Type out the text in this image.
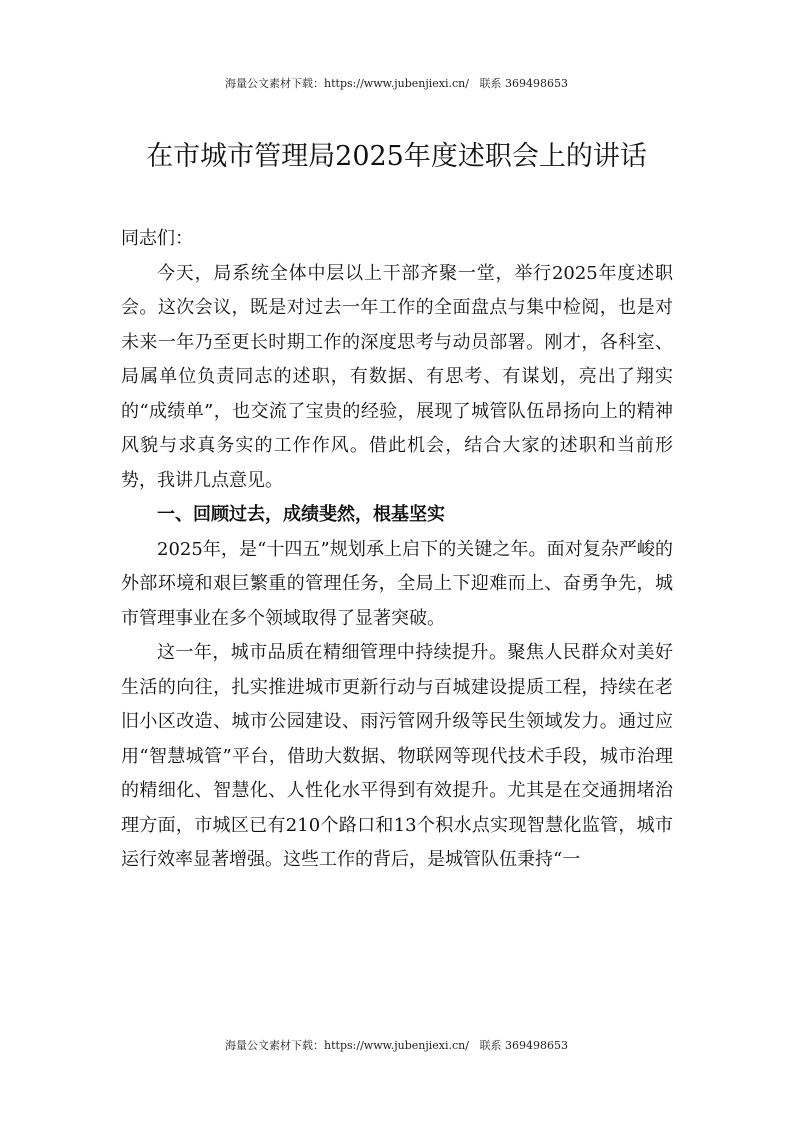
海量公文素材下载：https://www.jubenjiexi.cn/ 联系 369498653
在市城市管理局2025年度述职会上的讲话

同志们：

今天，局系统全体中层以上干部齐聚一堂，举行2025年度述职会。这次会议，既是对过去一年工作的全面盘点与集中检阅，也是对未来一年乃至更长时期工作的深度思考与动员部署。刚才，各科室、局属单位负责同志的述职，有数据、有思考、有谋划，亮出了翔实的“成绩单”，也交流了宝贵的经验，展现了城管队伍昂扬向上的精神风貌与求真务实的工作作风。借此机会，结合大家的述职和当前形势，我讲几点意见。

一、回顾过去，成绩斐然，根基坚实

2025年，是“十四五”规划承上启下的关键之年。面对复杂严峻的外部环境和艰巨繁重的管理任务，全局上下迎难而上、奋勇争先，城市管理事业在多个领域取得了显著突破。

这一年，城市品质在精细管理中持续提升。聚焦人民群众对美好生活的向往，扎实推进城市更新行动与百城建设提质工程，持续在老旧小区改造、城市公园建设、雨污管网升级等民生领域发力。通过应用“智慧城管”平台，借助大数据、物联网等现代技术手段，城市治理的精细化、智慧化、人性化水平得到有效提升。尤其是在交通拥堵治理方面，市城区已有210个路口和13个积水点实现智慧化监管，城市运行效率显著增强。这些工作的背后，是城管队伍秉持“一

海量公文素材下载：https://www.jubenjiexi.cn/ 联系 369498653
